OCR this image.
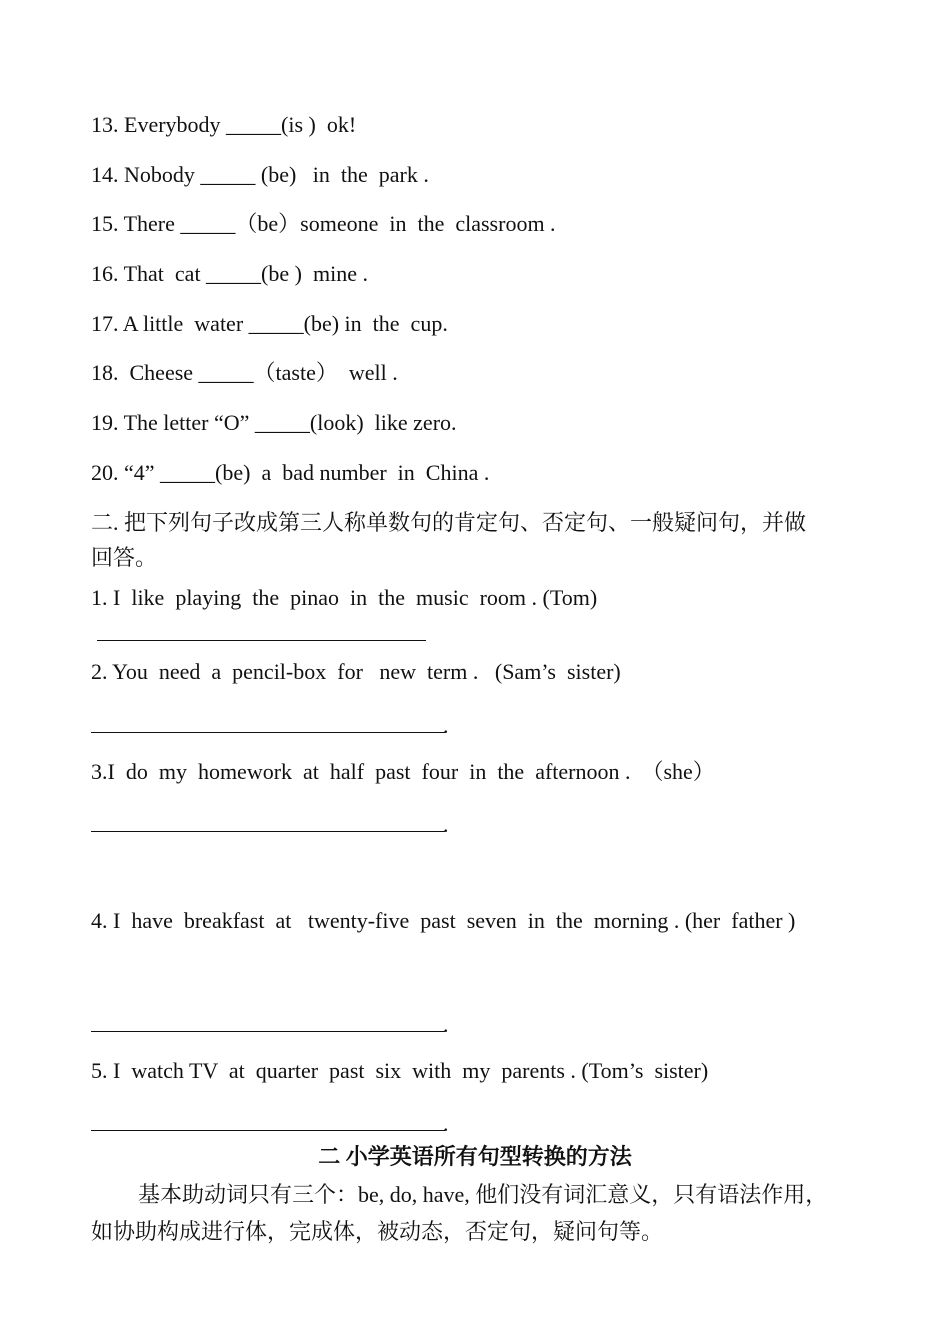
13. Everybody _____(is )  ok!
14. Nobody _____ (be)   in  the  park .
15. There _____（be）someone  in  the  classroom .
16. That  cat _____(be )  mine .
17. A little  water _____(be) in  the  cup.
18.  Cheese _____（taste）  well .
19. The letter “O” _____(look)  like zero.
20. “4” _____(be)  a  bad number  in  China .
二. 把下列句子改成第三人称单数句的肯定句、否定句、一般疑问句，并做
回答。
1. I  like  playing  the  pinao  in  the  music  room . (Tom)
2. You  need  a  pencil-box  for   new  term .   (Sam’s  sister)
.
3.I  do  my  homework  at  half  past  four  in  the  afternoon .  （she）
.
4. I  have  breakfast  at   twenty-five  past  seven  in  the  morning . (her  father )
.
5. I  watch TV  at  quarter  past  six  with  my  parents . (Tom’s  sister)
.
二 小学英语所有句型转换的方法
基本助动词只有三个：be, do, have, 他们没有词汇意义，只有语法作用，
如协助构成进行体，完成体，被动态，否定句，疑问句等。
